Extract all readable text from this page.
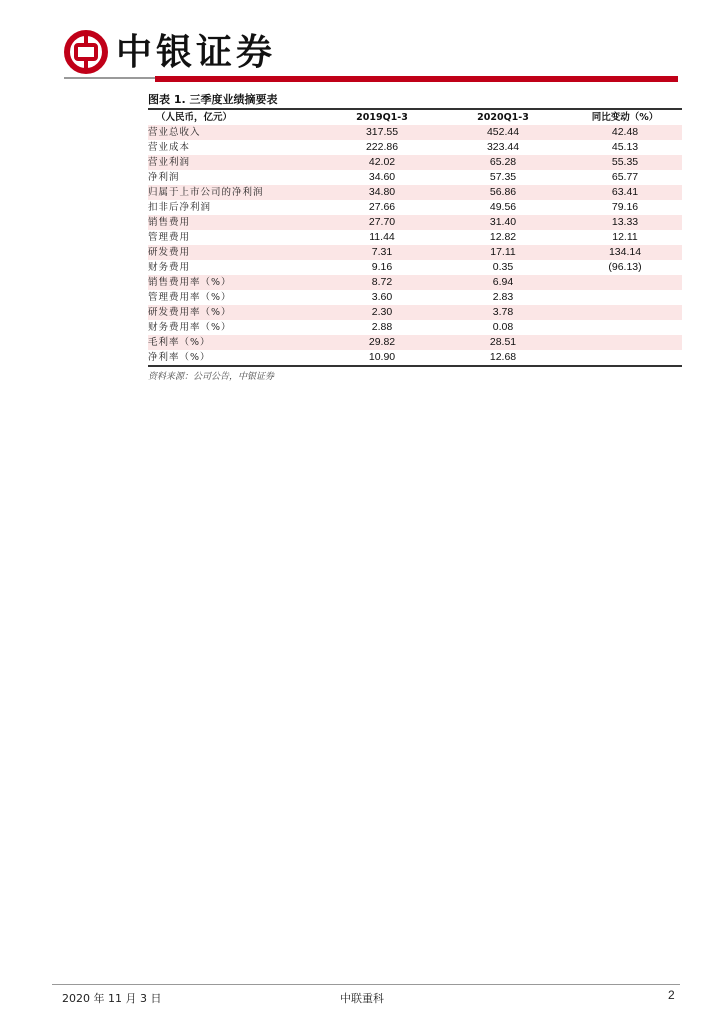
中银证券
图表 1. 三季度业绩摘要表
（人民币，亿元）	2019Q1-3	2020Q1-3	同比变动（%）
营业总收入	317.55	452.44	42.48
营业成本	222.86	323.44	45.13
营业利润	42.02	65.28	55.35
净利润	34.60	57.35	65.77
归属于上市公司的净利润	34.80	56.86	63.41
扣非后净利润	27.66	49.56	79.16
销售费用	27.70	31.40	13.33
管理费用	11.44	12.82	12.11
研发费用	7.31	17.11	134.14
财务费用	9.16	0.35	(96.13)
销售费用率（%）	8.72	6.94	
管理费用率（%）	3.60	2.83	
研发费用率（%）	2.30	3.78	
财务费用率（%）	2.88	0.08	
毛利率（%）	29.82	28.51	
净利率（%）	10.90	12.68	
资料来源：公司公告，中银证券
2020 年 11 月 3 日	中联重科	2
